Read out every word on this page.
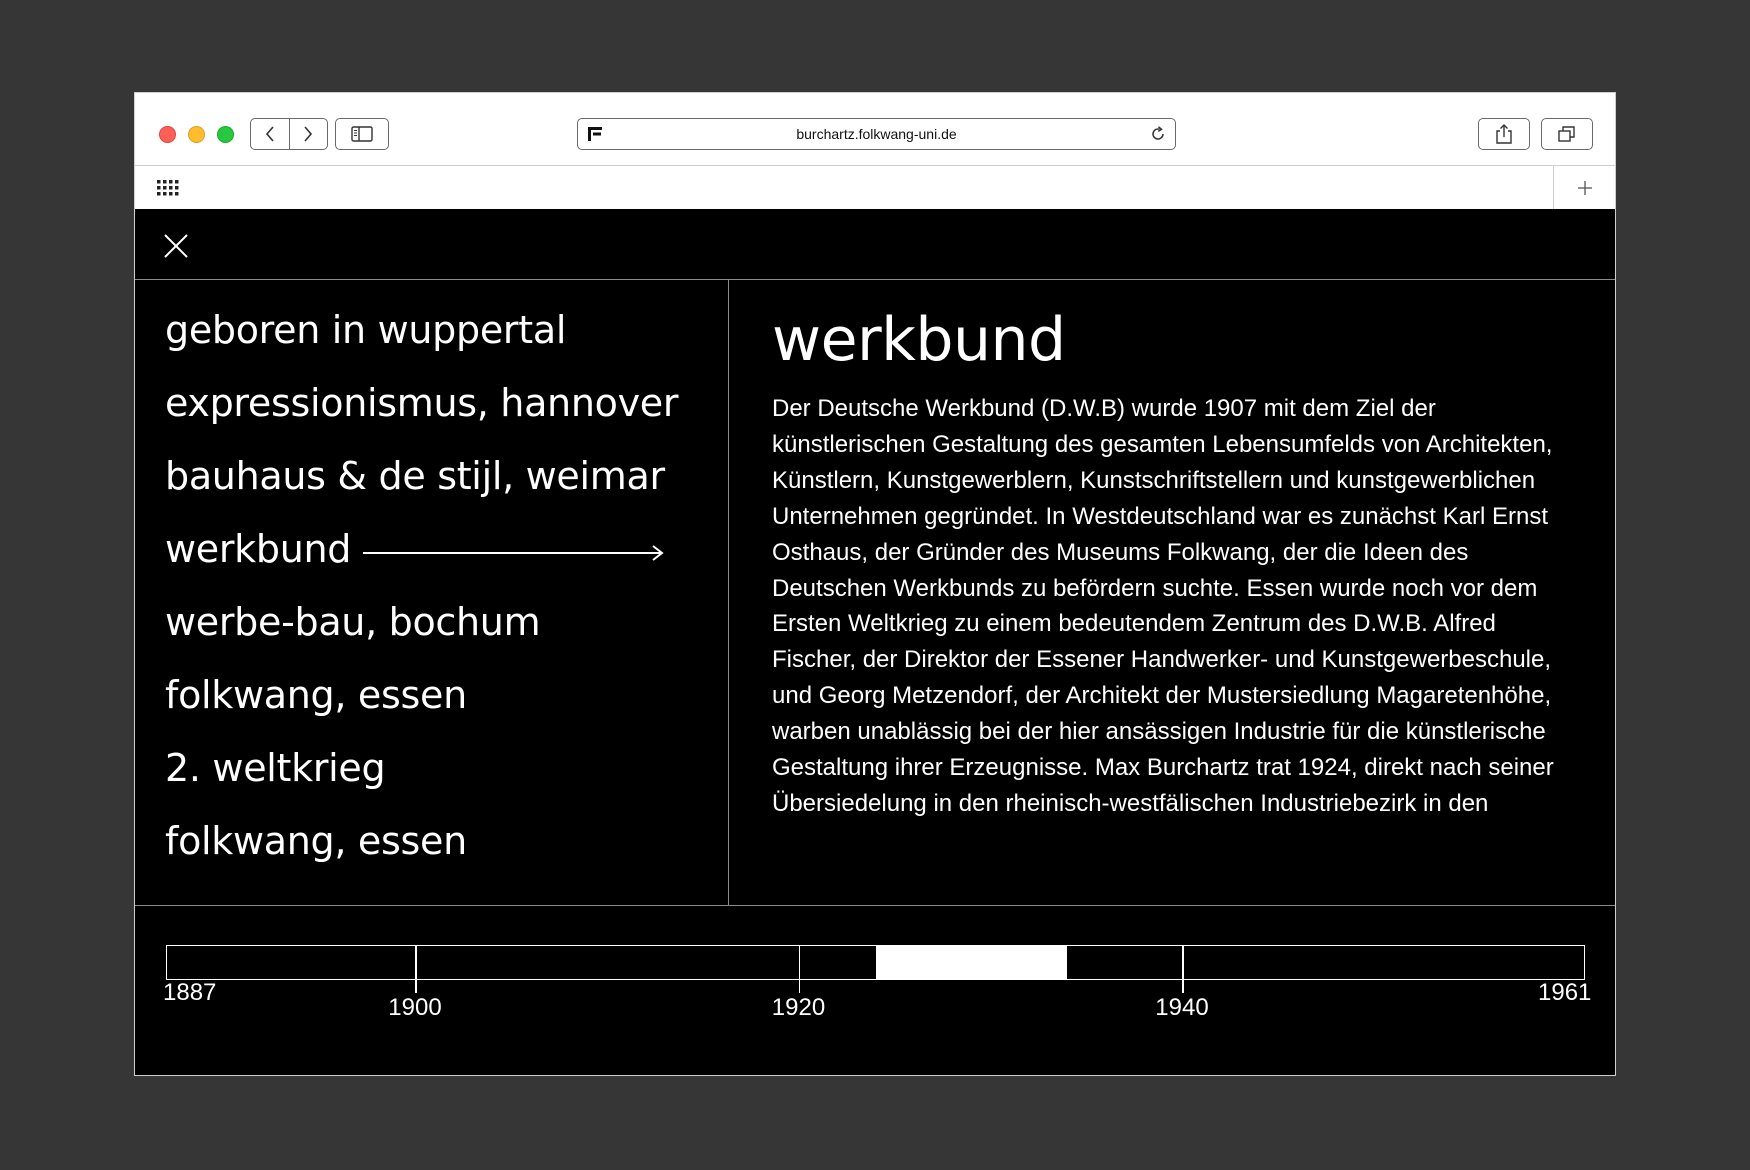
burchartz.folkwang-uni.de
geboren in wuppertal
expressionismus, hannover
bauhaus & de stijl, weimar
werkbund
werbe-bau, bochum
folkwang, essen
2. weltkrieg
folkwang, essen
werkbund

Der Deutsche Werkbund (D.W.B) wurde 1907 mit dem Ziel der künstlerischen Gestaltung des gesamten Lebensumfelds von Architekten, Künstlern, Kunstgewerblern, Kunstschriftstellern und kunstgewerblichen Unternehmen gegründet. In Westdeutschland war es zunächst Karl Ernst Osthaus, der Gründer des Museums Folkwang, der die Ideen des Deutschen Werkbunds zu befördern suchte. Essen wurde noch vor dem Ersten Weltkrieg zu einem bedeutendem Zentrum des D.W.B. Alfred Fischer, der Direktor der Essener Handwerker- und Kunstgewerbeschule, und Georg Metzendorf, der Architekt der Mustersiedlung Magaretenhöhe, warben unablässig bei der hier ansässigen Industrie für die künstlerische Gestaltung ihrer Erzeugnisse. Max Burchartz trat 1924, direkt nach seiner Übersiedelung in den rheinisch-westfälischen Industriebezirk in den

1900	1920	1940
1887	1961
